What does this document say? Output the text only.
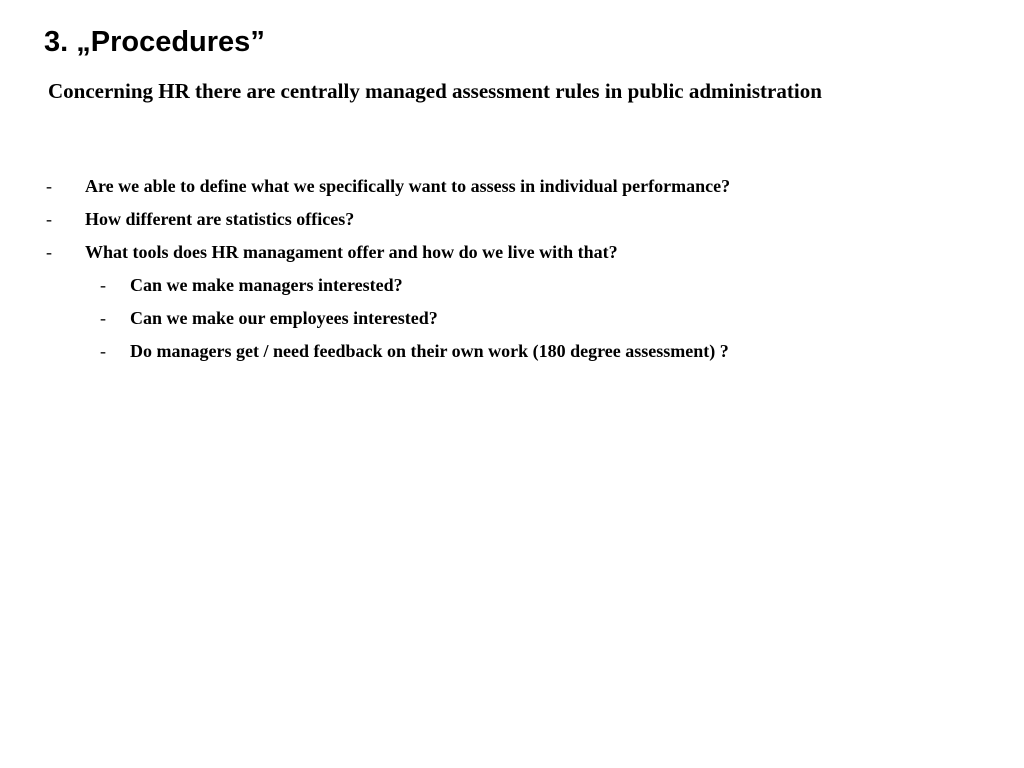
3. „Procedures”

Concerning HR there are centrally managed assessment rules in public administration

- Are we able to define what we specifically want to assess in individual performance?
- How different are statistics offices?
- What tools does HR managament offer and how do we live with that?
- Can we make managers interested?
- Can we make our employees interested?
- Do managers get / need feedback on their own work (180 degree assessment) ?
